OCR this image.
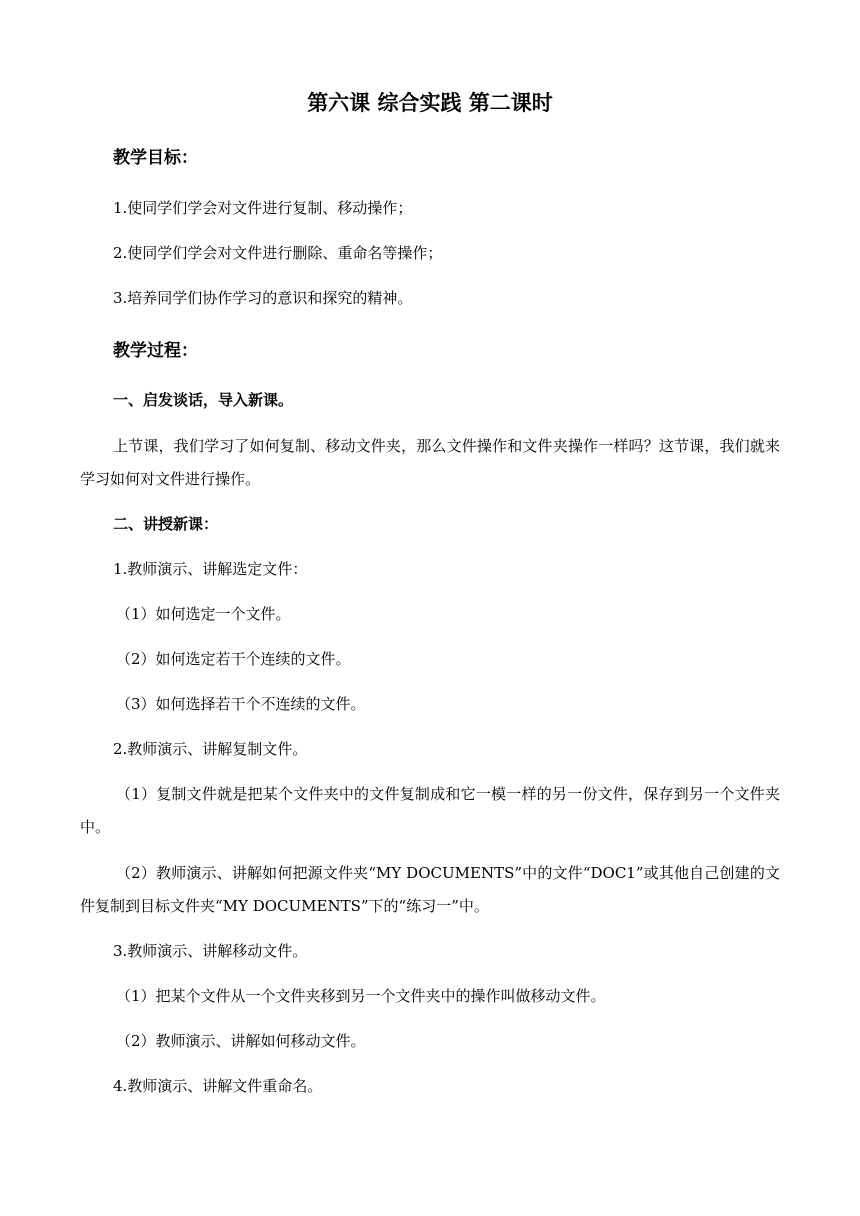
第六课 综合实践 第二课时
教学目标：
1.使同学们学会对文件进行复制、移动操作；
2.使同学们学会对文件进行删除、重命名等操作；
3.培养同学们协作学习的意识和探究的精神。
教学过程：
一、启发谈话，导入新课。
上节课，我们学习了如何复制、移动文件夹，那么文件操作和文件夹操作一样吗？这节课，我们就来学习如何对文件进行操作。
二、讲授新课：
1.教师演示、讲解选定文件：
（1）如何选定一个文件。
（2）如何选定若干个连续的文件。
（3）如何选择若干个不连续的文件。
2.教师演示、讲解复制文件。
（1）复制文件就是把某个文件夹中的文件复制成和它一模一样的另一份文件，保存到另一个文件夹中。
（2）教师演示、讲解如何把源文件夹“MY DOCUMENTS”中的文件“DOC1”或其他自己创建的文件复制到目标文件夹“MY DOCUMENTS”下的“练习一”中。
3.教师演示、讲解移动文件。
（1）把某个文件从一个文件夹移到另一个文件夹中的操作叫做移动文件。
（2）教师演示、讲解如何移动文件。
4.教师演示、讲解文件重命名。
